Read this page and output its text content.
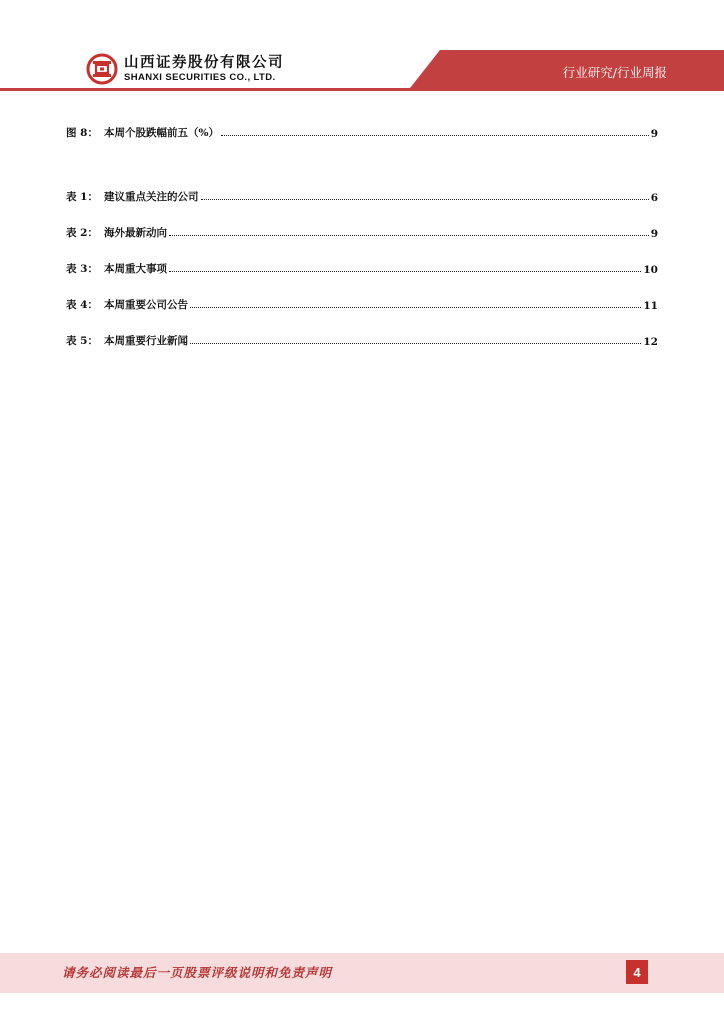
山西证券股份有限公司
SHANXI SECURITIES CO., LTD.	行业研究/行业周报
图 8： 本周个股跌幅前五（%）	9
表 1： 建议重点关注的公司	6
表 2： 海外最新动向	9
表 3： 本周重大事项	10
表 4： 本周重要公司公告	11
表 5： 本周重要行业新闻	12
请务必阅读最后一页股票评级说明和免责声明	4
